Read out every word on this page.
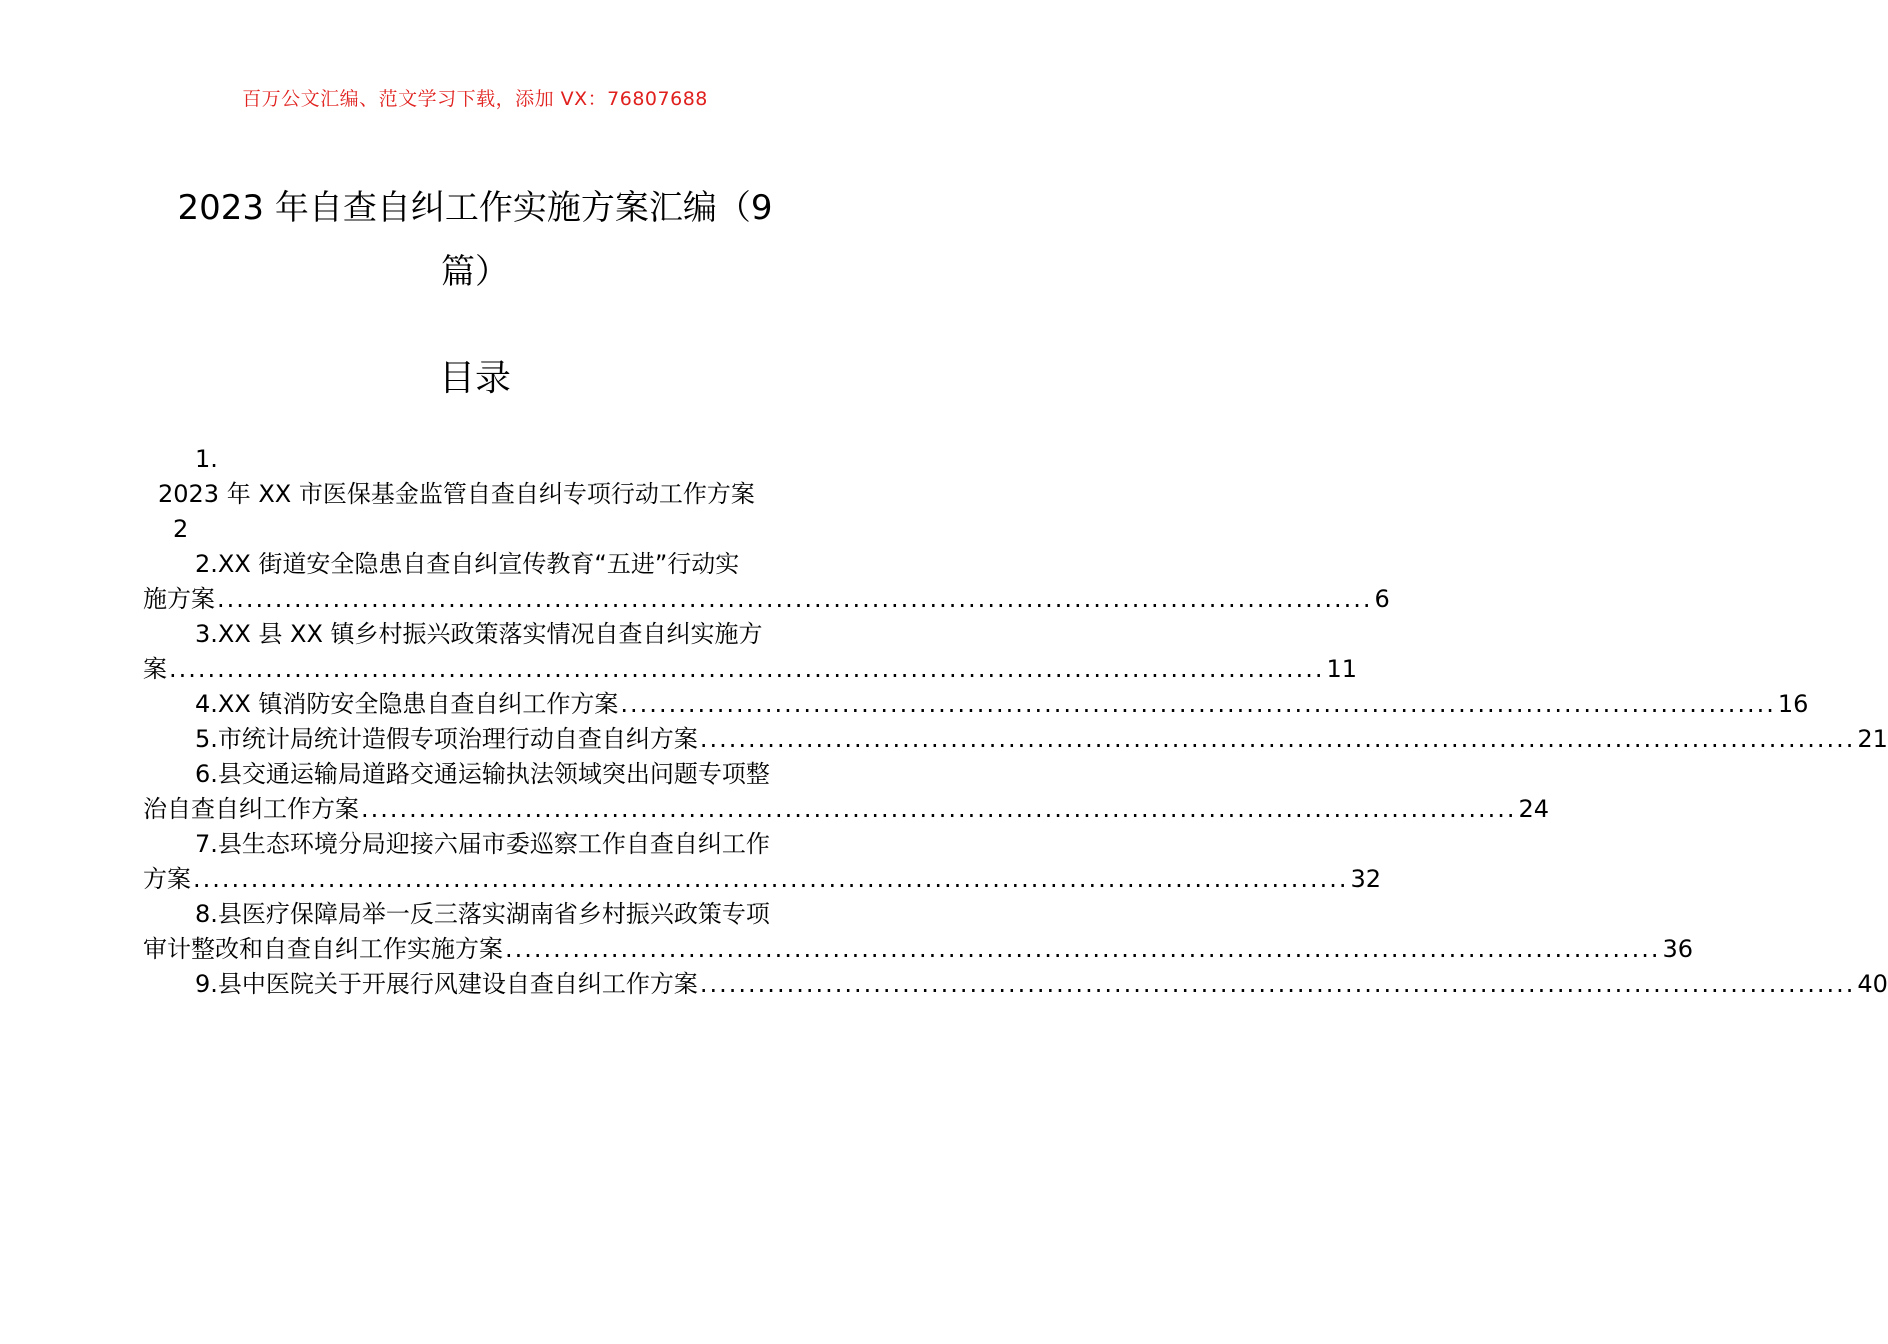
百万公文汇编、范文学习下载，添加 VX：76807688
2023 年自查自纠工作实施方案汇编（9
篇）
目录
1.
2023 年 XX 市医保基金监管自查自纠专项行动工作方案
2
2.XX 街道安全隐患自查自纠宣传教育“五进”行动实
施方案 ........................................................................................................................ 6
3.XX 县 XX 镇乡村振兴政策落实情况自查自纠实施方
案 ........................................................................................................................ 11
4.XX 镇消防安全隐患自查自纠工作方案 ........................................................................................................................ 16
5.市统计局统计造假专项治理行动自查自纠方案 ........................................................................................................................ 21
6.县交通运输局道路交通运输执法领域突出问题专项整
治自查自纠工作方案 ........................................................................................................................ 24
7.县生态环境分局迎接六届市委巡察工作自查自纠工作
方案 ........................................................................................................................ 32
8.县医疗保障局举一反三落实湖南省乡村振兴政策专项
审计整改和自查自纠工作实施方案 ........................................................................................................................ 36
9.县中医院关于开展行风建设自查自纠工作方案 ........................................................................................................................ 40
